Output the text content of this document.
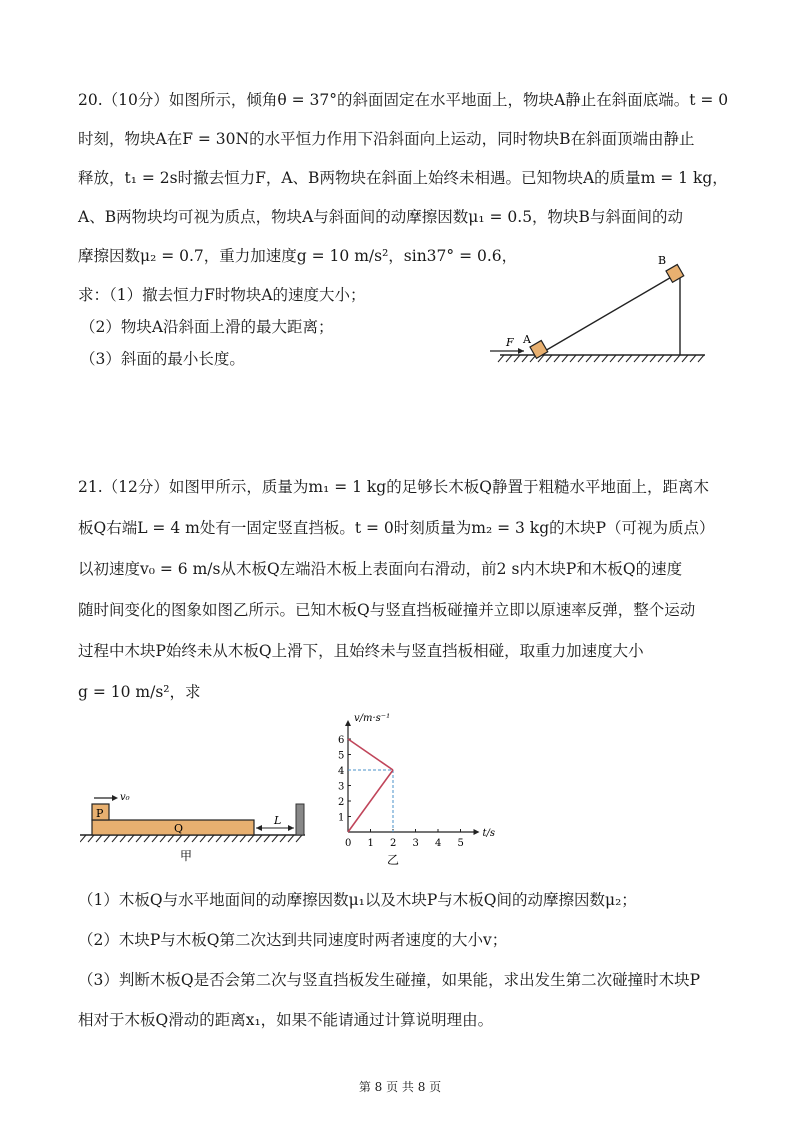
20.（10分）如图所示，倾角θ = 37°的斜面固定在水平地面上，物块A静止在斜面底端。t = 0
时刻，物块A在F = 30N的水平恒力作用下沿斜面向上运动，同时物块B在斜面顶端由静止
释放，t₁ = 2s时撤去恒力F，A、B两物块在斜面上始终未相遇。已知物块A的质量m = 1 kg，
A、B两物块均可视为质点，物块A与斜面间的动摩擦因数μ₁ = 0.5，物块B与斜面间的动
摩擦因数μ₂ = 0.7，重力加速度g = 10 m/s²，sin37° = 0.6，
求：（1）撤去恒力F时物块A的速度大小；
（2）物块A沿斜面上滑的最大距离；
（3）斜面的最小长度。
B
A
F
21.（12分）如图甲所示，质量为m₁ = 1 kg的足够长木板Q静置于粗糙水平地面上，距离木
板Q右端L = 4 m处有一固定竖直挡板。t = 0时刻质量为m₂ = 3 kg的木块P（可视为质点）
以初速度v₀ = 6 m/s从木板Q左端沿木板上表面向右滑动，前2 s内木块P和木板Q的速度
随时间变化的图象如图乙所示。已知木板Q与竖直挡板碰撞并立即以原速率反弹，整个运动
过程中木块P始终未从木板Q上滑下，且始终未与竖直挡板相碰，取重力加速度大小
g = 10 m/s²，求
P
Q
v₀
L
甲
0 1 2 3 4 5
1
2
3
4
5
6
v/m·s⁻¹
t/s
乙
（1）木板Q与水平地面间的动摩擦因数μ₁以及木块P与木板Q间的动摩擦因数μ₂；
（2）木块P与木板Q第二次达到共同速度时两者速度的大小v；
（3）判断木板Q是否会第二次与竖直挡板发生碰撞，如果能，求出发生第二次碰撞时木块P
相对于木板Q滑动的距离x₁，如果不能请通过计算说明理由。
第 8 页 共 8 页
